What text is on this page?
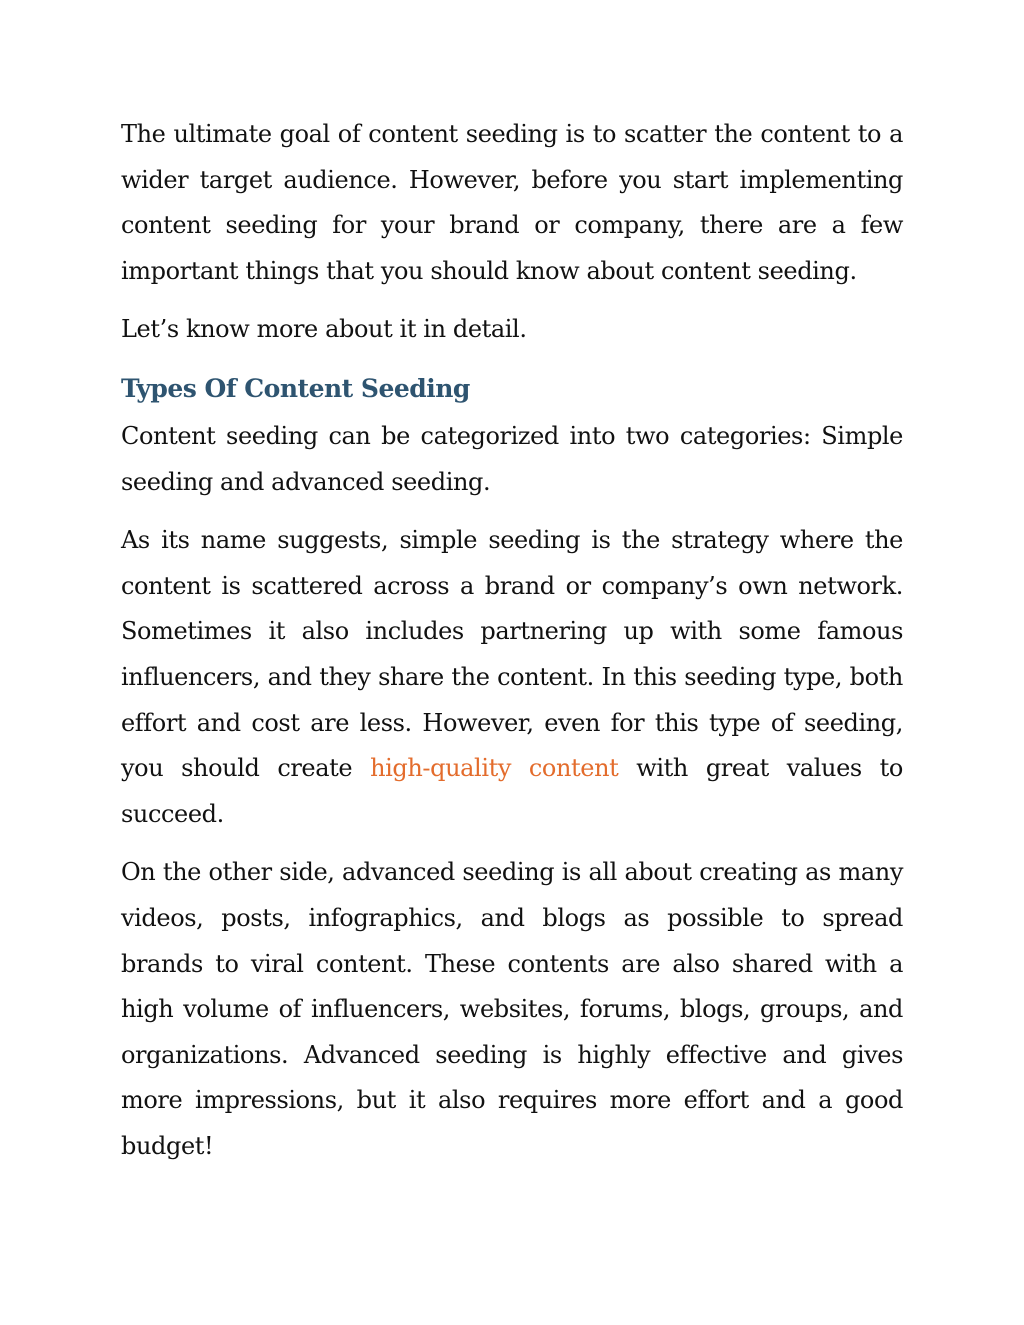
The ultimate goal of content seeding is to scatter the content to a wider target audience. However, before you start implementing content seeding for your brand or company, there are a few important things that you should know about content seeding.

Let’s know more about it in detail.

Types Of Content Seeding

Content seeding can be categorized into two categories: Simple seeding and advanced seeding.

As its name suggests, simple seeding is the strategy where the content is scattered across a brand or company’s own network. Sometimes it also includes partnering up with some famous influencers, and they share the content. In this seeding type, both effort and cost are less. However, even for this type of seeding, you should create high-quality content with great values to succeed.

On the other side, advanced seeding is all about creating as many videos, posts, infographics, and blogs as possible to spread brands to viral content. These contents are also shared with a high volume of influencers, websites, forums, blogs, groups, and organizations. Advanced seeding is highly effective and gives more impressions, but it also requires more effort and a good budget!
